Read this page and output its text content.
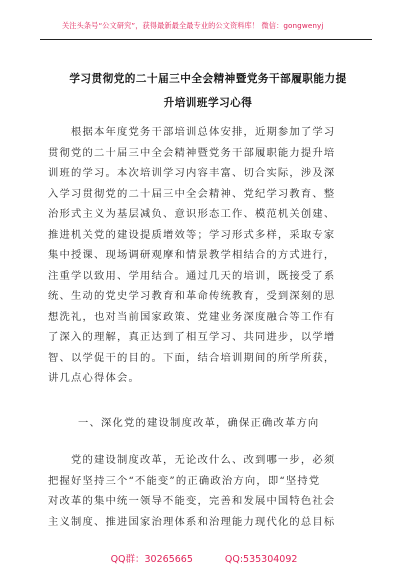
关注头条号“公文研究”，获得最新最全最专业的公文资料库！ 微信：gongwenyj
学习贯彻党的二十届三中全会精神暨党务干部履职能力提
升培训班学习心得
　　根据本年度党务干部培训总体安排，近期参加了学习
贯彻党的二十届三中全会精神暨党务干部履职能力提升培
训班的学习。本次培训学习内容丰富、切合实际，涉及深
入学习贯彻党的二十届三中全会精神、党纪学习教育、整
治形式主义为基层减负、意识形态工作、模范机关创建、
推进机关党的建设提质增效等；学习形式多样，采取专家
集中授课、现场调研观摩和情景教学相结合的方式进行，
注重学以致用、学用结合。通过几天的培训，既接受了系
统、生动的党史学习教育和革命传统教育，受到深刻的思
想洗礼，也对当前国家政策、党建业务深度融合等工作有
了深入的理解，真正达到了相互学习、共同进步，以学增
智、以学促干的目的。下面，结合培训期间的所学所获，
讲几点心得体会。
一、深化党的建设制度改革，确保正确改革方向
　　党的建设制度改革，无论改什么、改到哪一步，必须
把握好坚持三个“不能变”的正确政治方向，即“坚持党
对改革的集中统一领导不能变，完善和发展中国特色社会
主义制度、推进国家治理体系和治理能力现代化的总目标
QQ群：30265665	QQ:535304092
